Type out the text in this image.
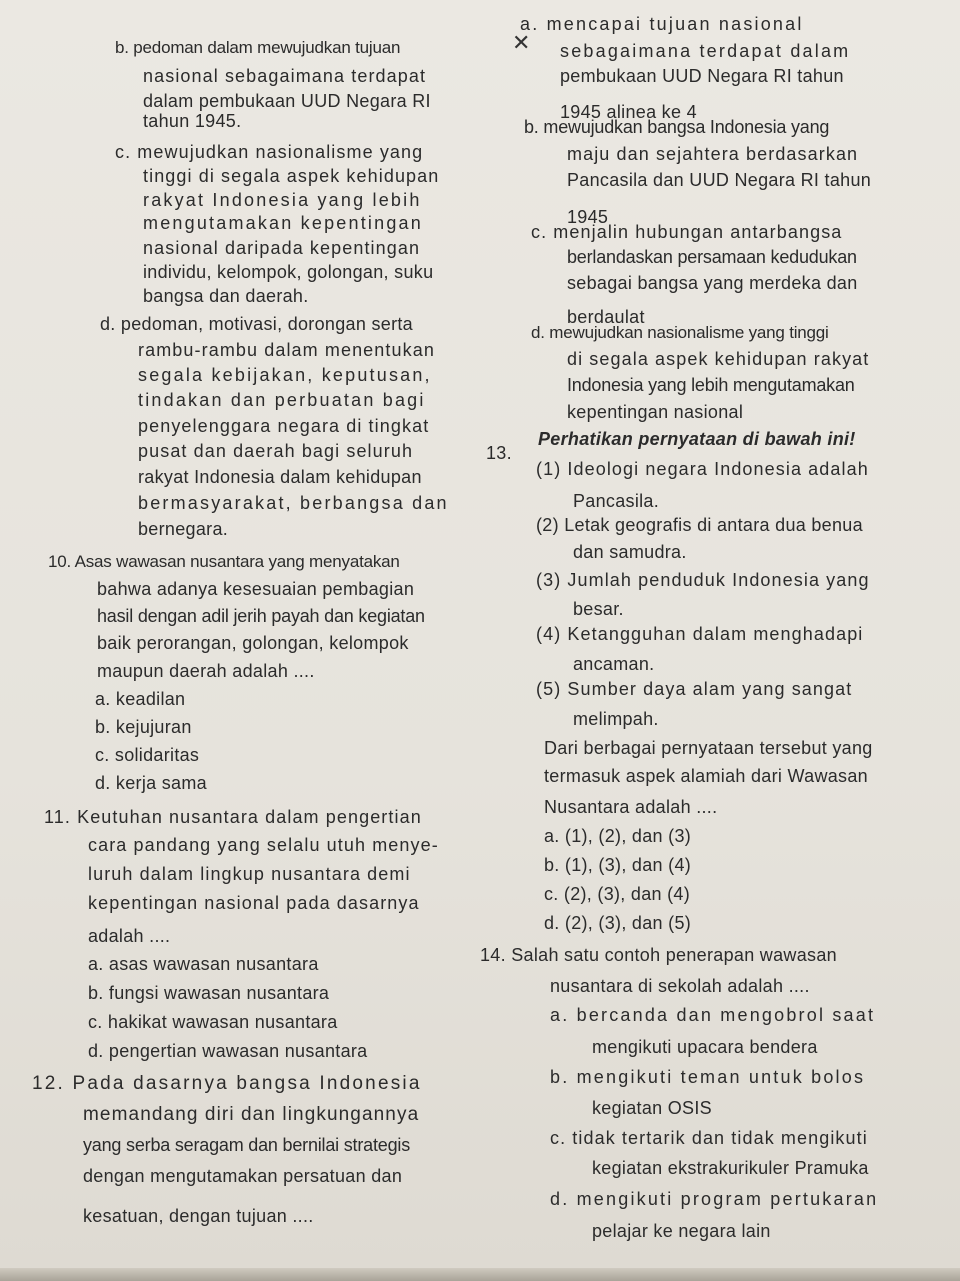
b. pedoman dalam mewujudkan tujuan
nasional sebagaimana terdapat
dalam pembukaan UUD Negara RI
tahun 1945.
c. mewujudkan nasionalisme yang
tinggi di segala aspek kehidupan
rakyat Indonesia yang lebih
mengutamakan kepentingan
nasional daripada kepentingan
individu, kelompok, golongan, suku
bangsa dan daerah.
d. pedoman, motivasi, dorongan serta
rambu-rambu dalam menentukan
segala kebijakan, keputusan,
tindakan dan perbuatan bagi
penyelenggara negara di tingkat
pusat dan daerah bagi seluruh
rakyat Indonesia dalam kehidupan
bermasyarakat, berbangsa dan
bernegara.
10. Asas wawasan nusantara yang menyatakan
bahwa adanya kesesuaian pembagian
hasil dengan adil jerih payah dan kegiatan
baik perorangan, golongan, kelompok
maupun daerah adalah ....
a. keadilan
b. kejujuran
c. solidaritas
d. kerja sama
11. Keutuhan nusantara dalam pengertian
cara pandang yang selalu utuh menye-
luruh dalam lingkup nusantara demi
kepentingan nasional pada dasarnya
adalah ....
a. asas wawasan nusantara
b. fungsi wawasan nusantara
c. hakikat wawasan nusantara
d. pengertian wawasan nusantara
12. Pada dasarnya bangsa Indonesia
memandang diri dan lingkungannya
yang serba seragam dan bernilai strategis
dengan mengutamakan persatuan dan
kesatuan, dengan tujuan ....
a. mencapai tujuan nasional
sebagaimana terdapat dalam
pembukaan UUD Negara RI tahun
1945 alinea ke 4
✕
b. mewujudkan bangsa Indonesia yang
maju dan sejahtera berdasarkan
Pancasila dan UUD Negara RI tahun
1945
c. menjalin hubungan antarbangsa
berlandaskan persamaan kedudukan
sebagai bangsa yang merdeka dan
berdaulat
d. mewujudkan nasionalisme yang tinggi
di segala aspek kehidupan rakyat
Indonesia yang lebih mengutamakan
kepentingan nasional
13.
Perhatikan pernyataan di bawah ini!
(1) Ideologi negara Indonesia adalah
Pancasila.
(2) Letak geografis di antara dua benua
dan samudra.
(3) Jumlah penduduk Indonesia yang
besar.
(4) Ketangguhan dalam menghadapi
ancaman.
(5) Sumber daya alam yang sangat
melimpah.
Dari berbagai pernyataan tersebut yang
termasuk aspek alamiah dari Wawasan
Nusantara adalah ....
a. (1), (2), dan (3)
b. (1), (3), dan (4)
c. (2), (3), dan (4)
d. (2), (3), dan (5)
14. Salah satu contoh penerapan wawasan
nusantara di sekolah adalah ....
a. bercanda dan mengobrol saat
mengikuti upacara bendera
b. mengikuti teman untuk bolos
kegiatan OSIS
c. tidak tertarik dan tidak mengikuti
kegiatan ekstrakurikuler Pramuka
d. mengikuti program pertukaran
pelajar ke negara lain
